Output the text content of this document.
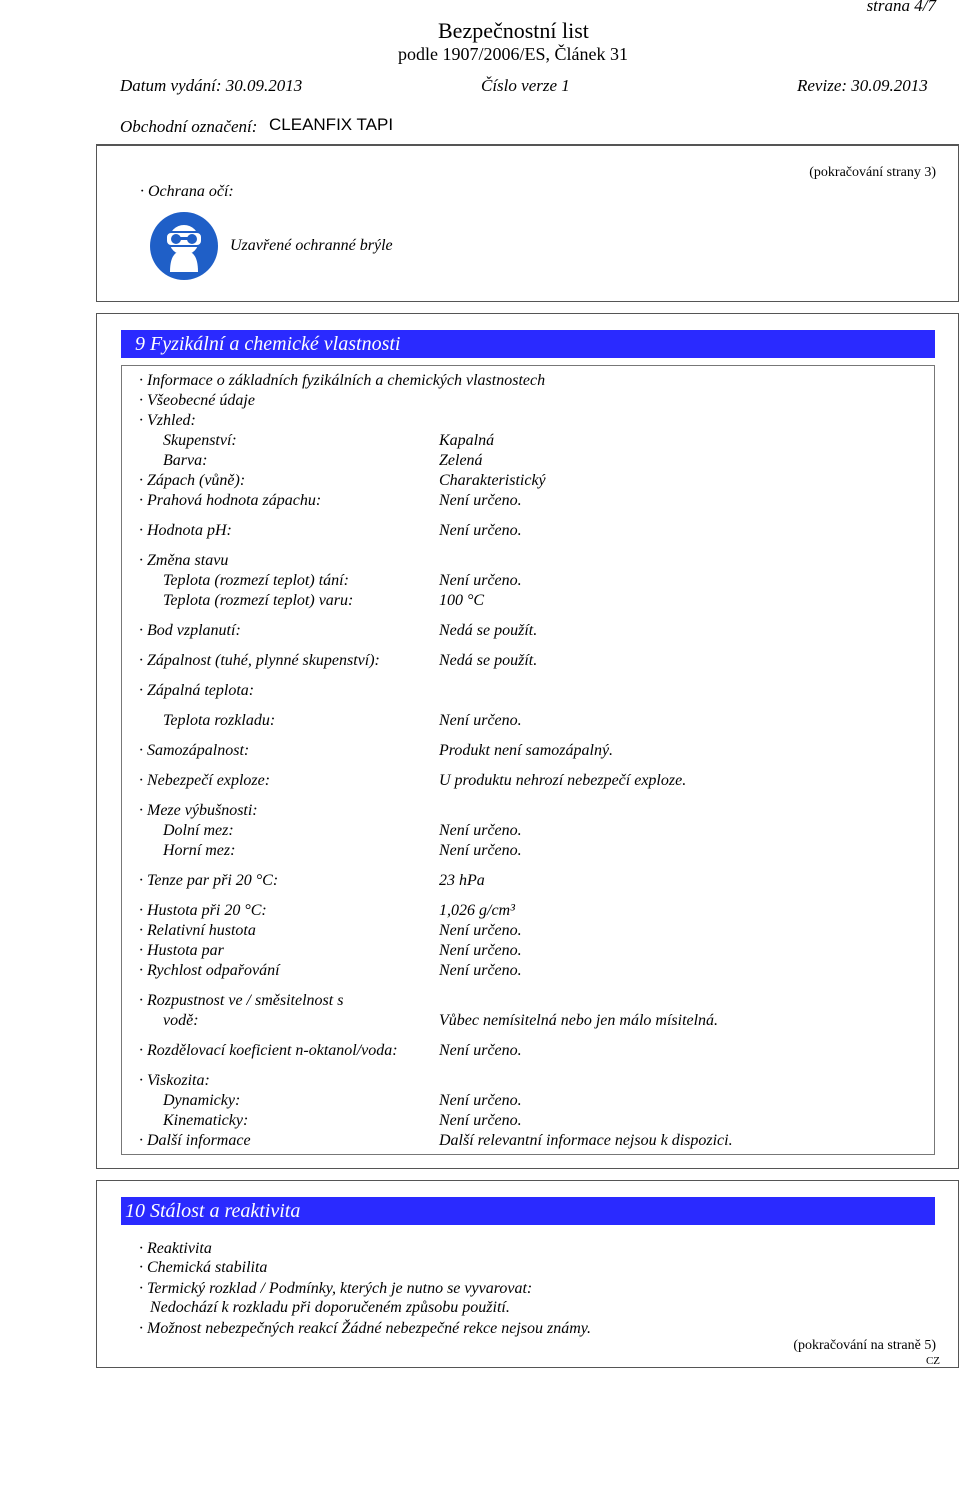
strana 4/7
Bezpečnostní list
podle 1907/2006/ES, Článek 31
Datum vydání: 30.09.2013	Číslo verze 1	Revize: 30.09.2013
Obchodní označení: CLEANFIX TAPI
(pokračování strany 3)
· Ochrana očí:
Uzavřené ochranné brýle
9 Fyzikální a chemické vlastnosti
· Informace o základních fyzikálních a chemických vlastnostech
· Všeobecné údaje
· Vzhled:
Skupenství:	Kapalná
Barva:	Zelená
· Zápach (vůně):	Charakteristický
· Prahová hodnota zápachu:	Není určeno.
· Hodnota pH:	Není určeno.
· Změna stavu
Teplota (rozmezí teplot) tání:	Není určeno.
Teplota (rozmezí teplot) varu:	100 °C
· Bod vzplanutí:	Nedá se použít.
· Zápalnost (tuhé, plynné skupenství):	Nedá se použít.
· Zápalná teplota:
Teplota rozkladu:	Není určeno.
· Samozápalnost:	Produkt není samozápalný.
· Nebezpečí exploze:	U produktu nehrozí nebezpečí exploze.
· Meze výbušnosti:
Dolní mez:	Není určeno.
Horní mez:	Není určeno.
· Tenze par při 20 °C:	23 hPa
· Hustota při 20 °C:	1,026 g/cm³
· Relativní hustota	Není určeno.
· Hustota par	Není určeno.
· Rychlost odpařování	Není určeno.
· Rozpustnost ve / směsitelnost s
vodě:	Vůbec nemísitelná nebo jen málo mísitelná.
· Rozdělovací koeficient n-oktanol/voda:	Není určeno.
· Viskozita:
Dynamicky:	Není určeno.
Kinematicky:	Není určeno.
· Další informace	Další relevantní informace nejsou k dispozici.
10 Stálost a reaktivita
· Reaktivita
· Chemická stabilita
· Termický rozklad / Podmínky, kterých je nutno se vyvarovat:
Nedochází k rozkladu při doporučeném způsobu použití.
· Možnost nebezpečných reakcí Žádné nebezpečné rekce nejsou známy.
(pokračování na straně 5)
CZ
